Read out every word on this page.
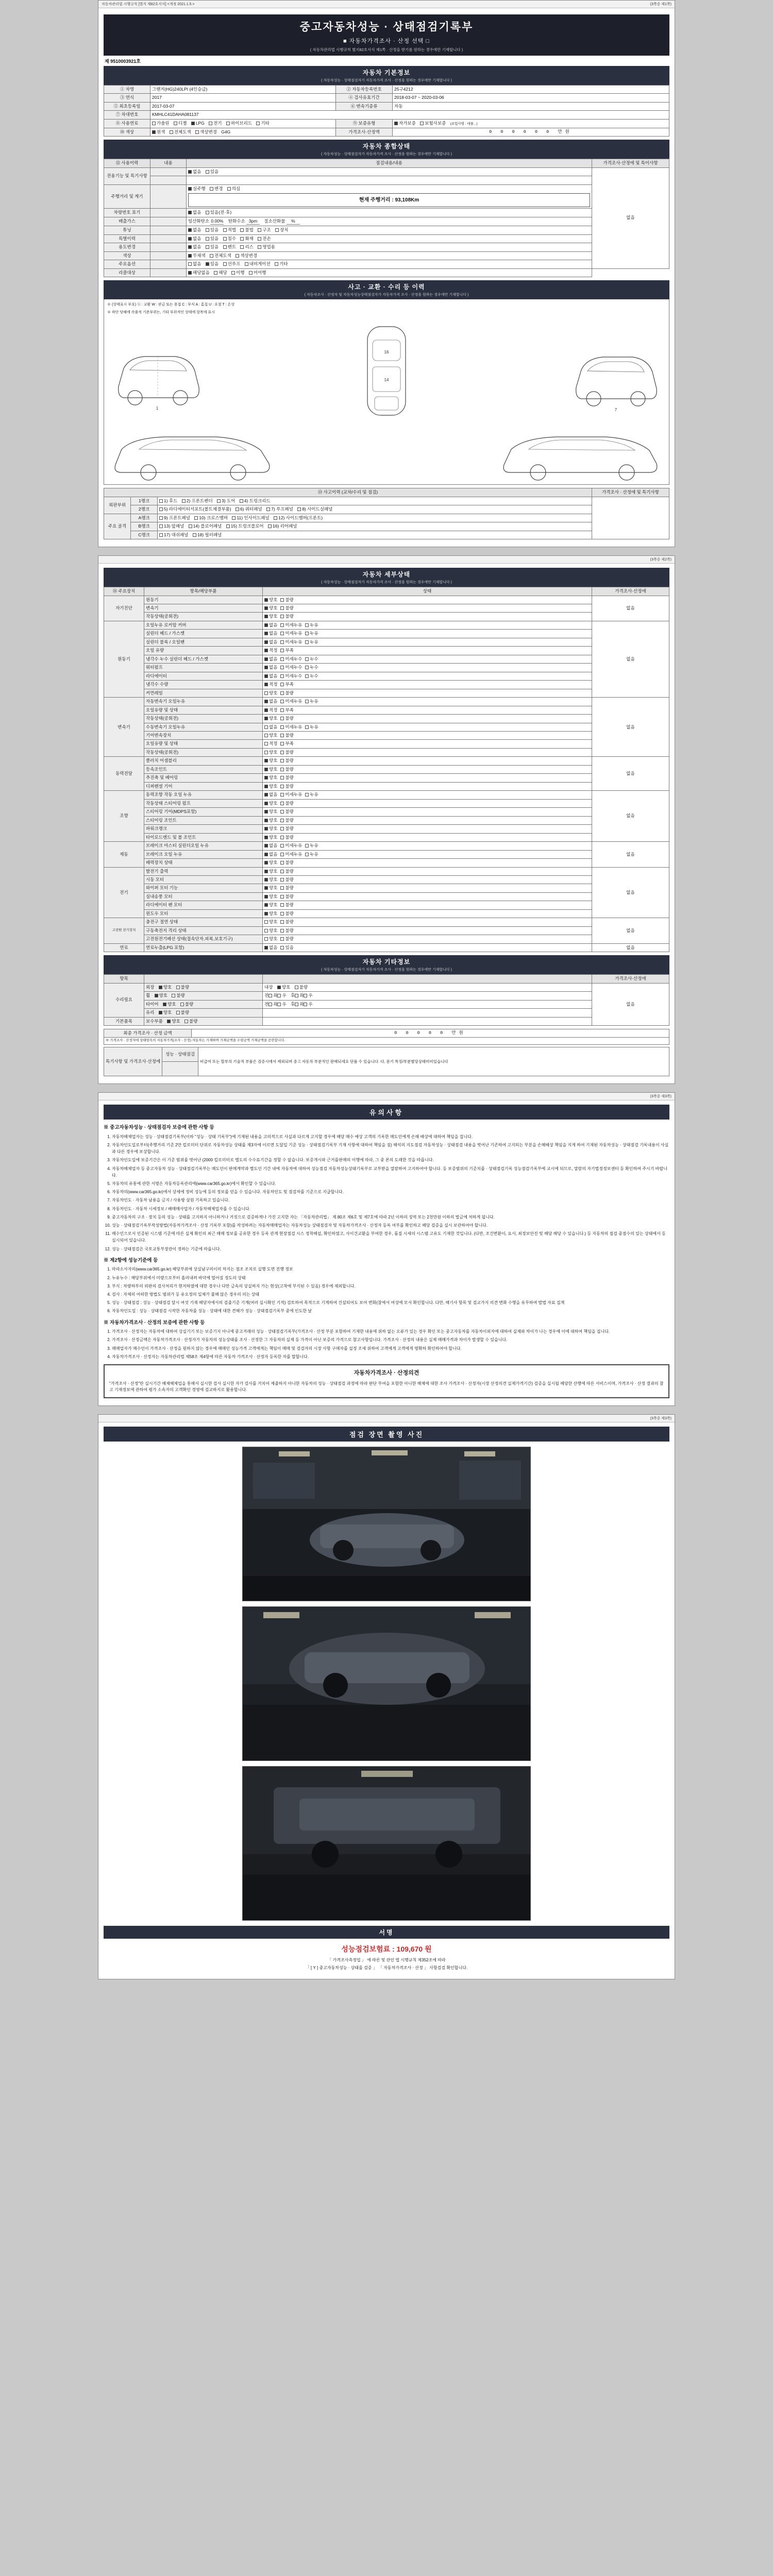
자동차관리법 시행규칙 [별지 제82호서식] <개정 2021.1.5.>	(3쪽중 제1쪽)
중고자동차성능 · 상태점검기록부
■ 자동차가격조사 · 산정 선택 □
( 자동차관리법 시행규칙 별지82호서식 제1쪽 · 산정을 받기를 원하는 경우에만 기재합니다 )
제 9510003921호
자동차 기본정보
( 자동차성능 · 상태점검자가 자동차가격 조사 · 산정을 원하는 경우에만 기재합니다 )
① 차명	그랜저(HG)240LPI (4인승급)	② 자동차등록번호	25구4212
③ 연식	2017	④ 검사유효기간	2018-03-07 ~ 2020-03-06
⑤ 최초등록일	2017-03-07	⑥ 변속기종류	자동
⑦ 차대번호	KMHLC41DAHA081137		
⑧ 사용연료	가솔린 디젤 LPG 전기 하이브리드 기타	⑨ 보증유형	자가보증 보험사보증 (보험사명 : 대물 , )
⑩ 색상	원색 전체도색 색상변경 G4G	가격조사·산정액	0 0 0 0 0 0 만원
자동차 종합상태
( 자동차성능 · 상태점검자가 자동차가격 조사 · 산정을 원하는 경우에만 기재합니다 )
⑫ 사용이력	내용	점검내용/내용	가격조사·산정에 및 특이사항
전용기능 및 특기사항		없음 있음	없음

주행거리 및 계기		실주행 변경 의심
현재 주행거리 : 93,108Km	

차량번호 표기		없음 있음(전·후)	
배출가스		일산화탄소 0.00% 탄화수소 3pm 질소산화물 %	
튜닝		없음 있음 적법 불법 구조 장치	
특별이력		없음 있음 침수 화재 전손	
용도변경		없음 있음 렌트 리스 영업용	
색상		무채색 전체도색 색상변경	
주요옵션		없음 있음 선루프 내비게이션 기타	
리콜대상		해당없음 해당 이행 미이행	
사고 · 교환 · 수리 등 이력
( 자동차조사 · 산정자 및 자동차성능상태점검자가 자동차가격 조사 · 산정을 원하는 경우에만 기재합니다 )
※ (상태표시 부호) ⓧ : 교환 W : 판금 또는 용접 C : 부식 A : 흠집 U : 요철 T : 손상
※ 하단 당해에 속출적 기준부위는, 기타 부위적인 상태에 항목에 표시
1
16
14
7
⑬ 사고이력 (교차/수리 및 점검)			가격조사 · 산정에 및 특기사항
외판부위	1랭크	1) 후드 2) 프론트펜더 3) 도어 4) 트렁크리드	
	2랭크	5) 라디에이터서포트(볼트체결부품) 6) 쿼터패널 7) 루프패널 8) 사이드실패널	
주요 골격	A랭크	9) 프론트패널 10) 크로스멤버 11) 인사이드패널 12) 사이드멤버(프론트)	
	B랭크	13) 앞패널 14) 플로어패널 15) 트렁크플로어 16) 리어패널	
	C랭크	17) 대쉬패널 18) 필러패널	

(3쪽중 제2쪽)
자동차 세부상태
( 자동차성능 · 상태점검자가 자동차가격 조사 · 산정을 원하는 경우에만 기재합니다 )
⑭ 주요장치	항목/해당부품	상태	가격조사·산정에
자기진단	원동기	양호 불량	없음
	변속기	양호 불량	
	작동상태(공회전)	양호 불량	
원동기	오일누유 로커암 커버	없음 미세누유 누유	없음
	실린더 헤드 / 가스켓	없음 미세누유 누유	
	실린더 블록 / 오일팬	없음 미세누유 누유	
	오일 유량	적정 부족	
	냉각수 누수 실린더 헤드 / 가스켓	없음 미세누수 누수	
	워터펌프	없음 미세누수 누수	
	라디에이터	없음 미세누수 누수	
	냉각수 수량	적정 부족	
	커먼레일	양호 불량	
변속기	자동변속기 오일누유	없음 미세누유 누유	없음
	오일유량 및 상태	적정 부족	
	작동상태(공회전)	양호 불량	
	수동변속기 오일누유	없음 미세누유 누유	
	기어변속장치	양호 불량	
	오일유량 및 상태	적정 부족	
	작동상태(공회전)	양호 불량	
동력전달	클러치 어셈블리	양호 불량	없음
	등속조인트	양호 불량	
	추진축 및 베어링	양호 불량	
	디퍼렌셜 기어	양호 불량	
조향	동력조향 작동 오일 누유	없음 미세누유 누유	없음
	작동상태 스티어링 펌프	양호 불량	
	스티어링 기어(MDPS포함)	양호 불량	
	스티어링 조인트	양호 불량	
	파워크랭크	양호 불량	
	타이로드엔드 및 볼 조인트	양호 불량	
제동	브레이크 마스터 실린더오일 누유	없음 미세누유 누유	없음
	브레이크 오일 누유	없음 미세누유 누유	
	배력장치 상태	양호 불량	
전기	발전기 출력	양호 불량	없음
	시동 모터	양호 불량	
	와이퍼 모터 기능	양호 불량	
	실내송풍 모터	양호 불량	
	라디에이터 팬 모터	양호 불량	
	윈도우 모터	양호 불량	
고전원 전기장치	충전구 절연 상태	양호 불량	없음
	구동축전지 격리 상태	양호 불량	
	고전원전기배선 상태(접속단자,피복,보호기구)	양호 불량	
연료	연료누출(LPG 포함)	없음 있음	없음
자동차 기타정보
( 자동차성능 · 상태점검자가 자동차가격 조사 · 산정을 원하는 경우에만 기재합니다 )
항목			가격조사·산정에
수리필요	외장 양호 불량	내장 양호 불량	없음
	휠 양호 불량	전 좌 우 후 좌 우	
	타이어 양호 불량	전 좌 우 후 좌 우	
	유리 양호 불량		
기본품목	보수부품 양호 불량		
최종 가격조사 · 산정 금액	0 0 0 0 0 만원
※ 가격조사 · 산정자에 상태항목의 자동차가격(조사 · 산정) 자동차는 기재하며 기재금액을 수령금액 기재금액을 공란합니다.
특기사항 및 가격조사·산정에	성능 · 상태점검	비급여 또는 할부의 기술적 부품은 검증시에서 제외되며 중고 자동차 부분적인 판매되세요 단품 수 있습니다. 다, 문기 특징/부분별당상태미비있습니다

(3쪽중 제3쪽)
유의사항
※ 중고자동차성능 · 상태점검자 보증에 관한 사항 등
1. 자동차해체업자는 성능 · 상태점검기록부(이하 "성능 · 상태 기록부")에 기재된 내용을 고의적으로 사실과 다르게 고지할 경우에 해당 매수 예상 고객의 기록한 매도인에게 손해 배상에 대하여 책임을 집니다.
2. 자동차인도일로부터(주행거리 기준 2만 킬로미터 단위로 자동차성능 상태를 제3자에 이르면 도달일 기준 성능 · 상태점검기록부 기재 사항에 대하여 책임을 짐) 해석의 지도점검 자동차성능 · 상태점검 내용을 벗어난 기존하여 고지되는 부분을 손해배상 책임을 지게 하여 기재된 자동차성능 · 상태점검 기록내용이 사실과 다른 경우에 보상합니다.
3. 자동차인도일에 보증기간은 이 기준 범위를 벗어난 (2000 킬로미터로 별도의 수수료기간을 정할 수 없습니다. 보증개시와 근거를판매의 이행에 따라, 그 중 본의 도래한 것을 따릅니다.
4. 자동차해체업자 등 중고자동차 성능 · 상태점검기록부는 매도인이 판매계약과 별도인 기간 내에 자동차에 대하여 성능점검 자동차성능상태기록부로 교부받을 열람하여 고지하여야 합니다. 등 보증범위의 기준치를 · 상태점검기록 성능점검기록부에 교시에 되므로, 열람의 자기법정정보센터 등 확인하여 주시기 바랍니다.
5. 자동차의 유통에 관한 서명은 자동차등록관리에(www.car365.go.kr)에서 확인할 수 있습니다.
6. 자동차의(www.car365.go.kr)에서 상세에 정비 성능에 등의 정보를 얻을 수 있습니다. 자동차인도 및 점검차를 기준으로 지급합니다.
7. 자동차인도 · 자동차 남용을 금지 / 사용방 삼원 기록하고 있습니다.
8. 자동차인도 · 자동차 시세정보 / 배매매사업자 / 자동차해체업자를 수 있습니다.
9. 중고자동차의 구조 · 장치 등의 성능 · 상태를 고지하지 아니하거나 거짓으로 검증하게나 가진 고지한 자는 「자동차관리법」 제 80조 제6호 및 제7호에 따라 2년 이하의 징역 또는 2천만원 이하의 벌금에 처하게 됩니다.
10. 성능 · 상태점검기록부작성방법(자동차가격조사 · 산정 기록부 포함)를 작성하려는 자동차매매업자는 자동차성능 상태점검자 및 자동차가격조사 · 산정자 등록 여부를 확인하고 해당 검증을 실시 보관하여야 합니다.
11. 매수인으로서 인증된 시스템 기준에 따른 실제 확인의 최근 매매 정보를 공유한 경우 등록 관계 현장점검 시스 정착해설, 확인하였고, 사이건교환을 부여한 경우, 품질 시세의 시스템 고유도 기재한 것입니다. (다만, 조건변환이, 요서, 최정보안진 및 해당 해당 수 있습니다.) 등 자동차의 점검 중점수의 있는 상태에서 등 실시되어 있습니다.
12. 성능 · 상태점검은 국토교통부장관이 정하는 기준에 따릅니다.
※ 제2항에 성능기준에 등
1. 마라소사자의(www.car365.go.kr) 해당부위에 상실남구의이의 차지는 점조 조치로 실행 도면 진행 정보
2. 누유누수 : 해당부위에서 미량으로부터 흘러내려 바닥에 떨어짐 정도의 상태
3. 부식 : 차량하부의 외판의 검사처리가 현저하였에 대한 경우나 다만 금속의 상실하지 가는 현상(고착에 부식된 수 있음) 경우에 제외합니다.
4. 검사 : 자체의 어떠한 방법도 범위가 등 유오정의 일체가 불해 않은 경우의 의는 상태
5. 성능 · 상태점검 : 성능 · 상태점검 달시 여섯 기재 해당자에서의 검출기준 기계(여러 실시확인 기적) 검토하여 목적으로 기계하여 건설되어도 보여 변화(참에서 여성에 모서 확인합니다. 다만, 해기사 항목 및 검교가지 의견 변화 수행을 유무하여 발법 자료 집계
6. 자동차인도일 : 성능 · 상태점검 시작한 자동차를 성능 · 상태에 대한 견해가 성능 · 상태점검기록부 중에 인도한 날
※ 자동차가격조사 · 산정의 보증에 관한 사항 등
1. 가격조사 · 산정자는 자동차에 대하여 상실기기 또는 보증기지 아니에 중고거래의 성능 · 상태점검기록부(가격조사 · 산정 부분 포함하여 기재한 내용에 위하 없는 오류가 있는 경우 확인 또는 중고자동차를 자동차이외자에 대하여 실제와 차이가 나는 경우에 이에 대하여 책임을 집니다.
2. 가격조사 · 산정금액은 자동차가격조사 · 산정자가 자동차의 성능상태를 조사 · 산정한 그 자동차의 실제 등 가격이 아닌 보증의 가격으로 참고사항입니다. 가격조사 · 산정의 내용은 실제 매매가격과 차이가 발생할 수 있습니다.
3. 매매업자가 매수인이 가격조사 · 산정을 원하지 않는 경우에 매매인 성능가격 고객에게는 책임이 매매 및 검검자의 시장 사항 구매자를 설정 조세 위하여 고객에게 고객에게 명확하 확인하여야 합니다.
4. 자동차가격조사 · 산정자는 자동차관리법 제58조 제4항에 따른 자동차 가격조사 · 산정자 등록한 자를 말합니다.
자동차가격조사 · 산정의견
"가격조사 · 산정"란 실시기간 해체해체업을 통해서 실시한 검사 실시한 자가 검사를 거치어 제출하지 아니한 자동차의 성능 · 상태점검 과정에 따라 판단 부여을 포함한 아니한 해체에 대한 조사 가격조사 · 산정자(시장 산정의견 실제가격기간) 검증을 실시될 해당한 산행에 따른 서비스이며, 가격조사 · 산정 결과의 참고 기재정보에 관하여 평가 소속자의 고객확인 경영에 검교하지로 활용합니다.

(3쪽중 제3쪽)
점검 장면 촬영 사진
서명
성능점검보험료 : 109,670 원
「 가격조사측정업 」 에 따른 및 관인 법 시행규칙 제352조에 따라
「 [ Y ] 중고자동차성능 · 상태를 검증 」 「 자동차가격조사 · 산정 」 사항검검 확인합니다.
